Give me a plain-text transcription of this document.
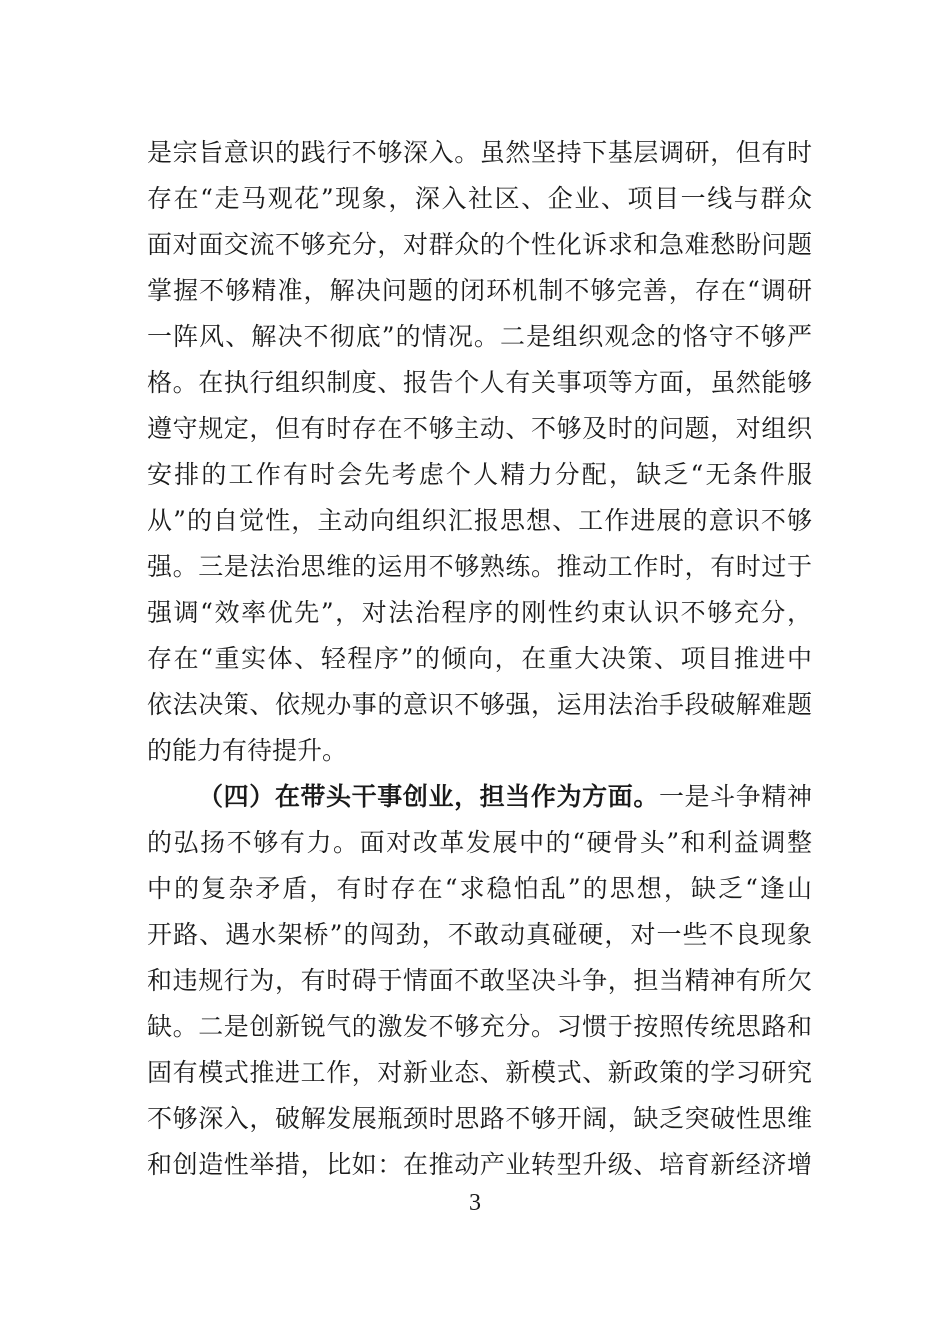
是宗旨意识的践行不够深入。虽然坚持下基层调研，但有时
存在“走马观花”现象，深入社区、企业、项目一线与群众
面对面交流不够充分，对群众的个性化诉求和急难愁盼问题
掌握不够精准，解决问题的闭环机制不够完善，存在“调研
一阵风、解决不彻底”的情况。二是组织观念的恪守不够严
格。在执行组织制度、报告个人有关事项等方面，虽然能够
遵守规定，但有时存在不够主动、不够及时的问题，对组织
安排的工作有时会先考虑个人精力分配，缺乏“无条件服
从”的自觉性，主动向组织汇报思想、工作进展的意识不够
强。三是法治思维的运用不够熟练。推动工作时，有时过于
强调“效率优先”，对法治程序的刚性约束认识不够充分，
存在“重实体、轻程序”的倾向，在重大决策、项目推进中
依法决策、依规办事的意识不够强，运用法治手段破解难题
的能力有待提升。
（四）在带头干事创业，担当作为方面。一是斗争精神
的弘扬不够有力。面对改革发展中的“硬骨头”和利益调整
中的复杂矛盾，有时存在“求稳怕乱”的思想，缺乏“逢山
开路、遇水架桥”的闯劲，不敢动真碰硬，对一些不良现象
和违规行为，有时碍于情面不敢坚决斗争，担当精神有所欠
缺。二是创新锐气的激发不够充分。习惯于按照传统思路和
固有模式推进工作，对新业态、新模式、新政策的学习研究
不够深入，破解发展瓶颈时思路不够开阔，缺乏突破性思维
和创造性举措，比如：在推动产业转型升级、培育新经济增
3
